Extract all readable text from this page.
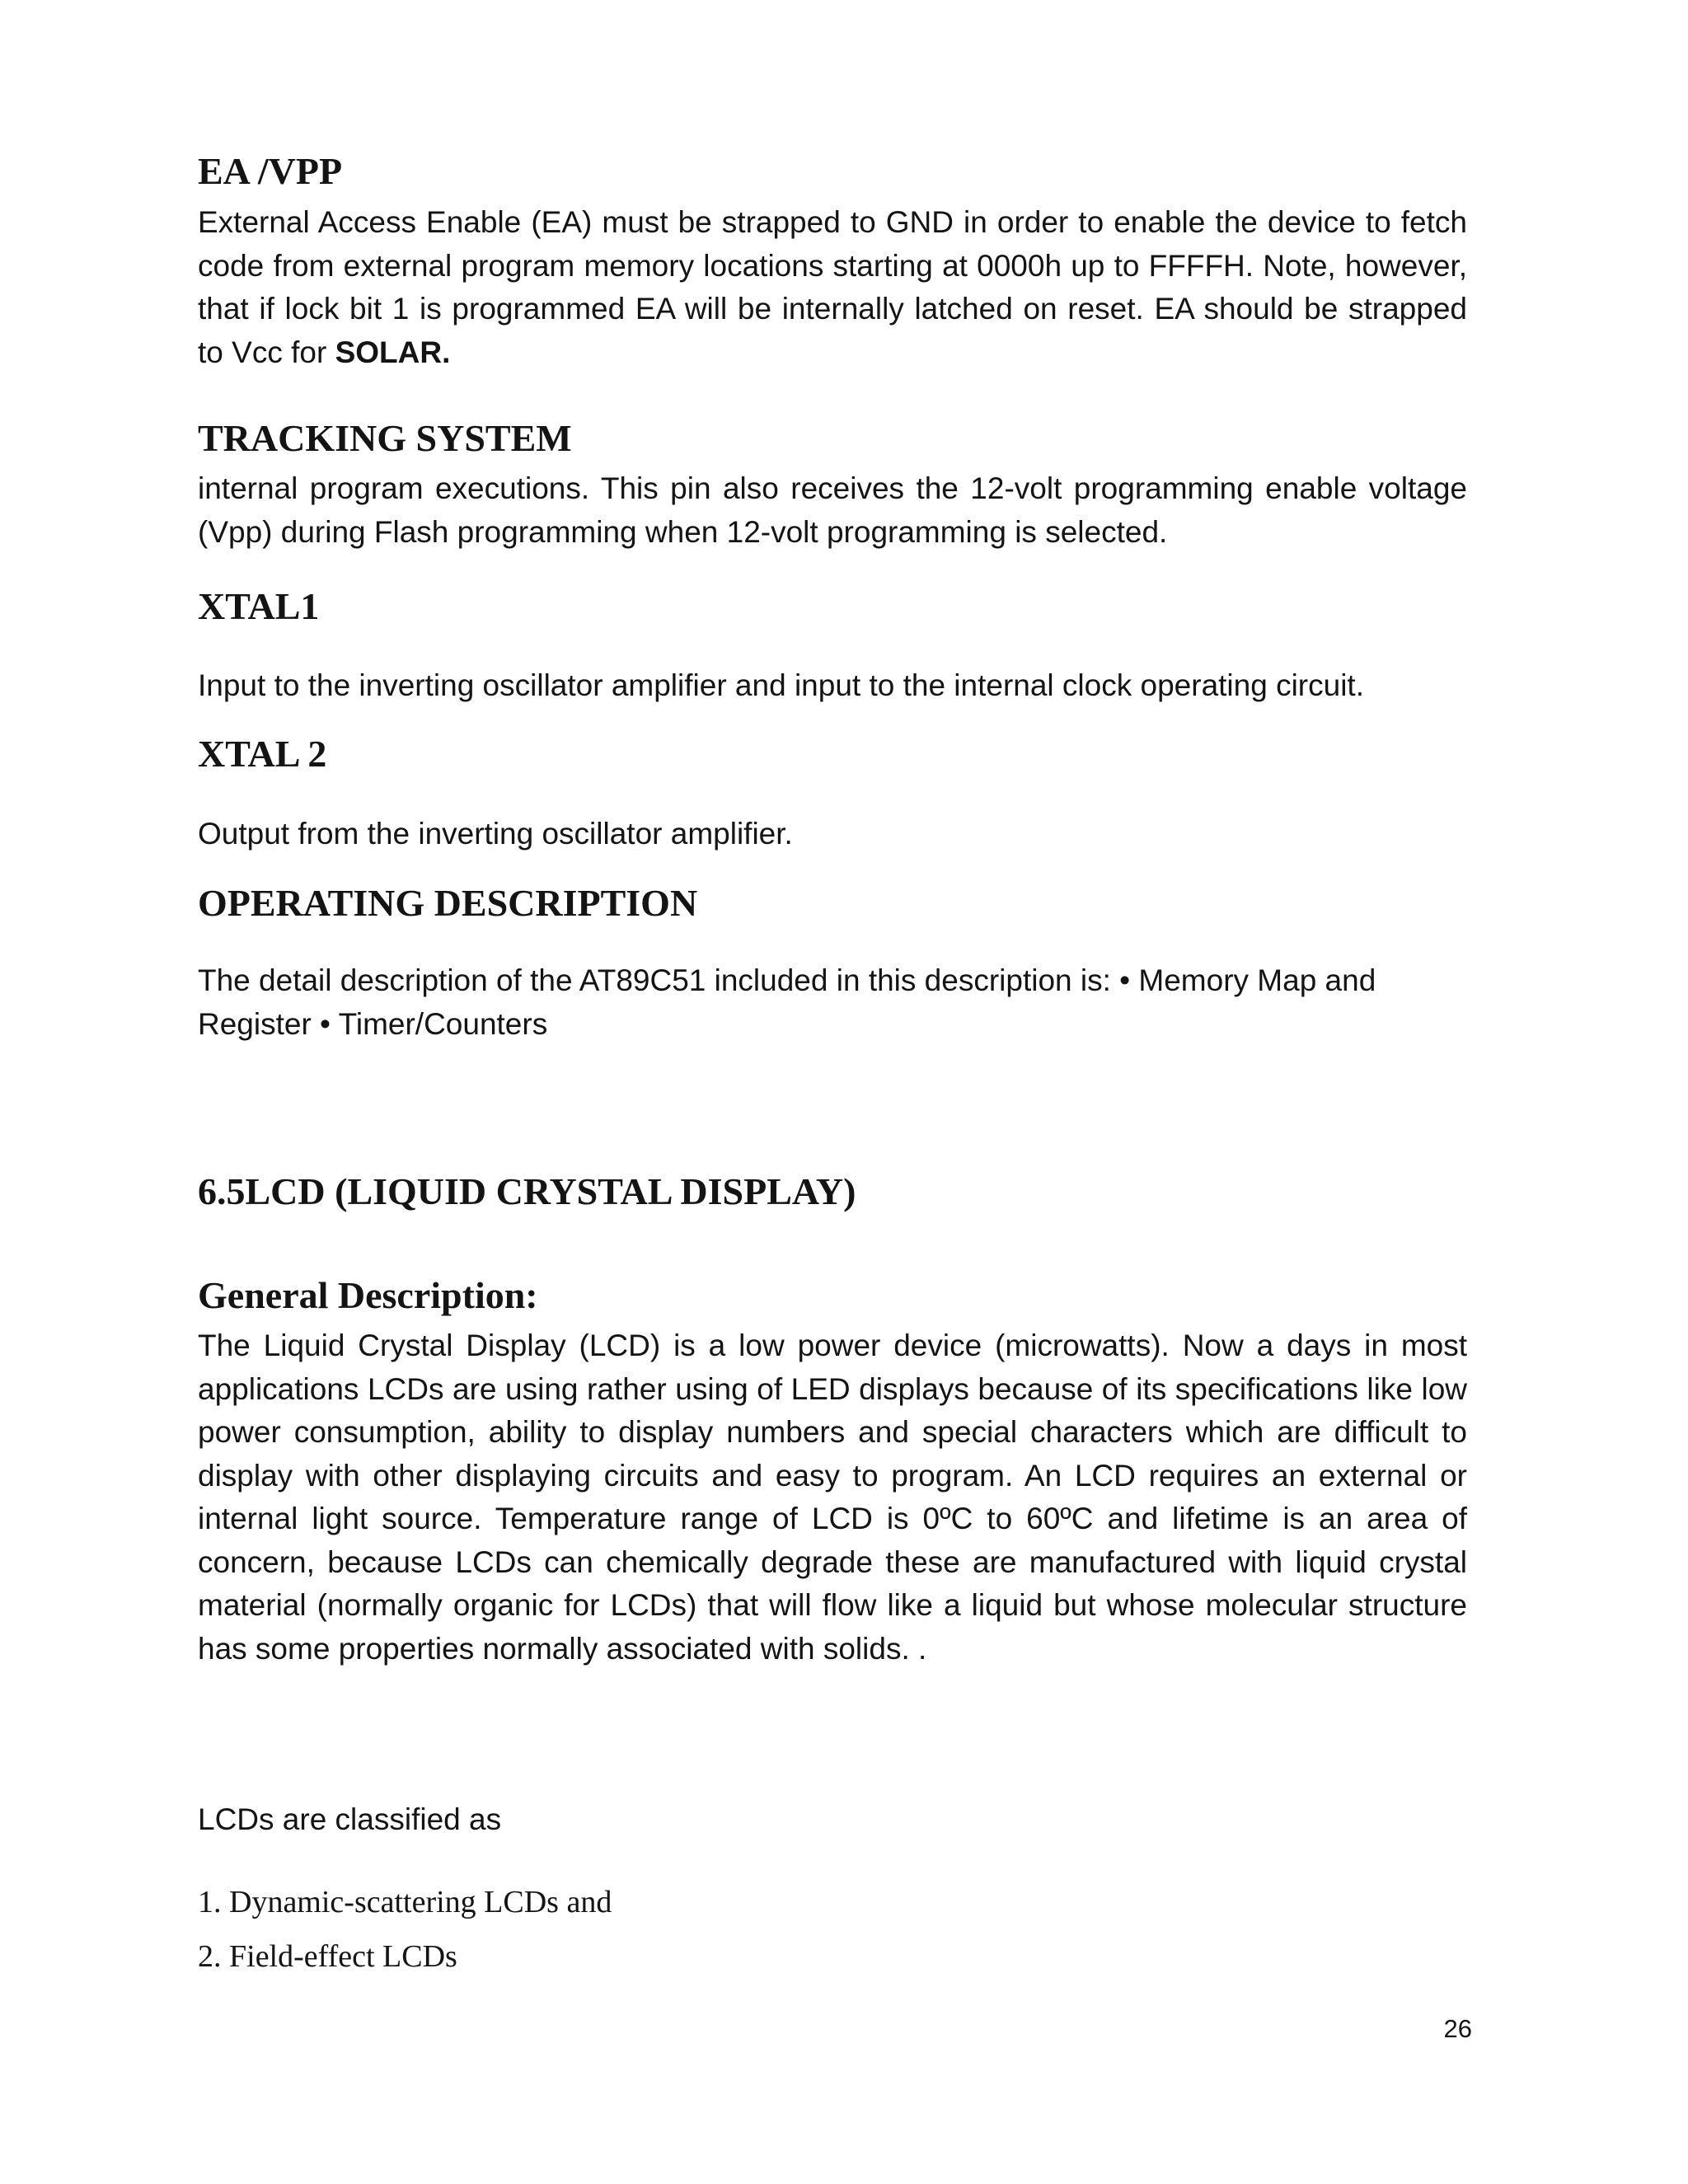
EA /VPP

External Access Enable (EA) must be strapped to GND in order to enable the device to fetch code from external program memory locations starting at 0000h up to FFFFH. Note, however, that if lock bit 1 is programmed EA will be internally latched on reset. EA should be strapped to Vcc for SOLAR.

TRACKING SYSTEM

internal program executions. This pin also receives the 12-volt programming enable voltage (Vpp) during Flash programming when 12-volt programming is selected.

XTAL1

Input to the inverting oscillator amplifier and input to the internal clock operating circuit.

XTAL 2

Output from the inverting oscillator amplifier.

OPERATING DESCRIPTION

The detail description of the AT89C51 included in this description is: • Memory Map and Register • Timer/Counters

6.5LCD (LIQUID CRYSTAL DISPLAY)
General Description:

The Liquid Crystal Display (LCD) is a low power device (microwatts). Now a days in most applications LCDs are using rather using of LED displays because of its specifications like low power consumption, ability to display numbers and special characters which are difficult to display with other displaying circuits and easy to program. An LCD requires an external or internal light source. Temperature range of LCD is 0ºC to 60ºC and lifetime is an area of concern, because LCDs can chemically degrade these are manufactured with liquid crystal material (normally organic for LCDs) that will flow like a liquid but whose molecular structure has some properties normally associated with solids. .

LCDs are classified as

1. Dynamic-scattering LCDs and

2. Field-effect LCDs

26
